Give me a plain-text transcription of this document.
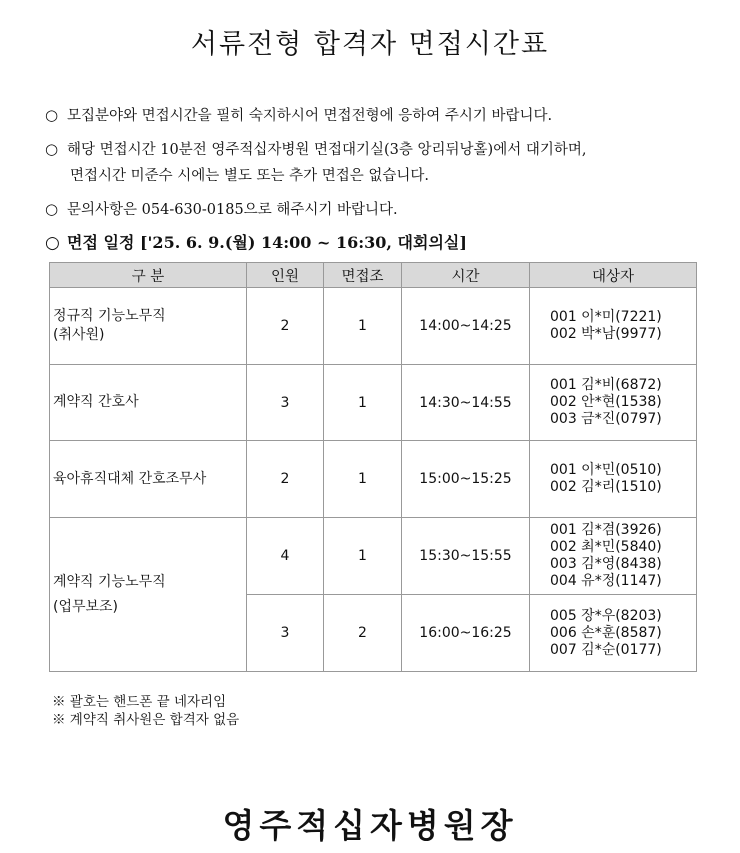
서류전형 합격자 면접시간표
○ 모집분야와 면접시간을 필히 숙지하시어 면접전형에 응하여 주시기 바랍니다.
○ 해당 면접시간 10분전 영주적십자병원 면접대기실(3층 앙리뒤낭홀)에서 대기하며,
면접시간 미준수 시에는 별도 또는 추가 면접은 없습니다.
○ 문의사항은 054-630-0185으로 해주시기 바랍니다.
○ 면접 일정 ['25. 6. 9.(월) 14:00 ~ 16:30, 대회의실]
구 분	인원	면접조	시간	대상자
정규직 기능노무직
(취사원)	2	1	14:00~14:25	001 이*미(7221)
002 박*남(9977)
계약직 간호사	3	1	14:30~14:55	001 김*비(6872)
002 안*현(1538)
003 금*진(0797)
육아휴직대체 간호조무사	2	1	15:00~15:25	001 이*민(0510)
002 김*리(1510)
계약직 기능노무직
(업무보조)	4	1	15:30~15:55	001 김*겸(3926)
002 최*민(5840)
003 김*영(8438)
004 유*정(1147)
	3	2	16:00~16:25	005 장*우(8203)
006 손*훈(8587)
007 김*순(0177)
※ 괄호는 핸드폰 끝 네자리임
※ 계약직 취사원은 합격자 없음
영주적십자병원장
